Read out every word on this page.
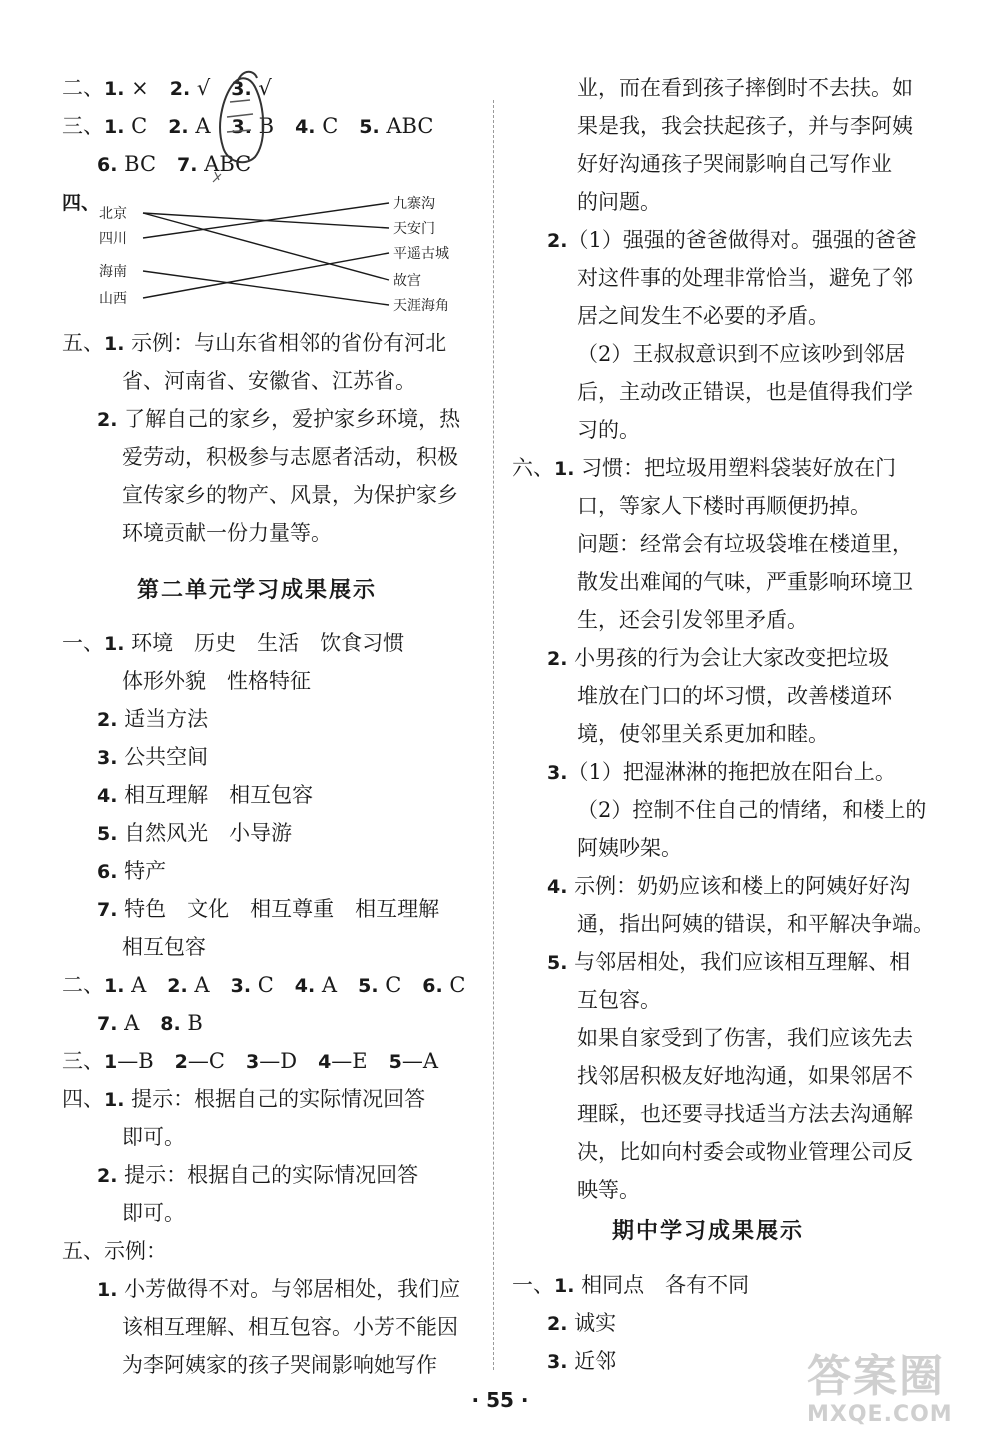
二、1. ×　2. √　3. √
三、1. C　2. A　3. B　4. C　5. ABC
6. BC　7. ABC
四、
五、1. 示例：与山东省相邻的省份有河北
省、河南省、安徽省、江苏省。
2. 了解自己的家乡，爱护家乡环境，热
爱劳动，积极参与志愿者活动，积极
宣传家乡的物产、风景，为保护家乡
环境贡献一份力量等。
一、1. 环境　历史　生活　饮食习惯
体形外貌　性格特征
2. 适当方法
3. 公共空间
4. 相互理解　相互包容
5. 自然风光　小导游
6. 特产
7. 特色　文化　相互尊重　相互理解
相互包容
二、1. A　2. A　3. C　4. A　5. C　6. C
7. A　8. B
三、1—B　2—C　3—D　4—E　5—A
四、1. 提示：根据自己的实际情况回答
即可。
2. 提示：根据自己的实际情况回答
即可。
五、示例：
1. 小芳做得不对。与邻居相处，我们应
该相互理解、相互包容。小芳不能因
为李阿姨家的孩子哭闹影响她写作
业，而在看到孩子摔倒时不去扶。如
果是我，我会扶起孩子，并与李阿姨
好好沟通孩子哭闹影响自己写作业
的问题。
2.（1）强强的爸爸做得对。强强的爸爸
对这件事的处理非常恰当，避免了邻
居之间发生不必要的矛盾。
（2）王叔叔意识到不应该吵到邻居
后，主动改正错误，也是值得我们学
习的。
六、1. 习惯：把垃圾用塑料袋装好放在门
口，等家人下楼时再顺便扔掉。
问题：经常会有垃圾袋堆在楼道里，
散发出难闻的气味，严重影响环境卫
生，还会引发邻里矛盾。
2. 小男孩的行为会让大家改变把垃圾
堆放在门口的坏习惯，改善楼道环
境，使邻里关系更加和睦。
3.（1）把湿淋淋的拖把放在阳台上。
（2）控制不住自己的情绪，和楼上的
阿姨吵架。
4. 示例：奶奶应该和楼上的阿姨好好沟
通，指出阿姨的错误，和平解决争端。
5. 与邻居相处，我们应该相互理解、相
互包容。
如果自家受到了伤害，我们应该先去
找邻居积极友好地沟通，如果邻居不
理睬，也还要寻找适当方法去沟通解
决，比如向村委会或物业管理公司反
映等。
一、1. 相同点　各有不同
2. 诚实
3. 近邻
第二单元学习成果展示
期中学习成果展示
北京
四川
海南
山西
九寨沟
天安门
平遥古城
故宫
天涯海角
· 55 ·	答案圈
MXQE.COM
